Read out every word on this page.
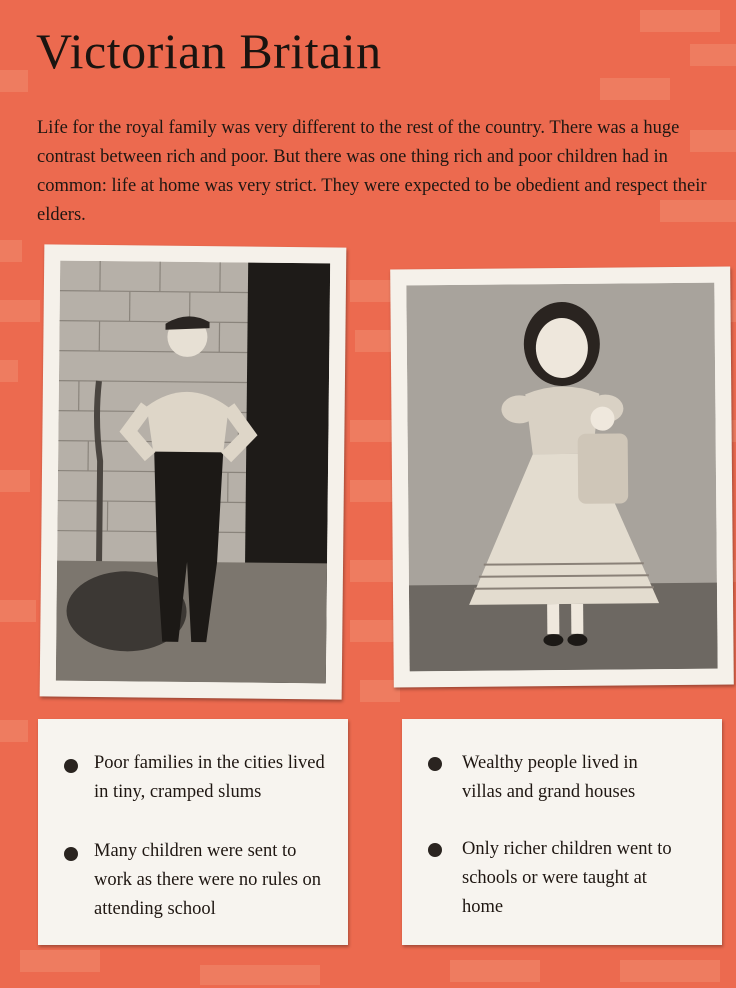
Victorian Britain

Life for the royal family was very different to the rest of the country. There was a huge contrast between rich and poor. But there was one thing rich and poor children had in common: life at home was very strict. They were expected to be obedient and respect their elders.

Poor families in the cities lived in tiny, cramped slums
Many children were sent to work as there were no rules on attending school
Wealthy people lived in villas and grand houses
Only richer children went to schools or were taught at home
